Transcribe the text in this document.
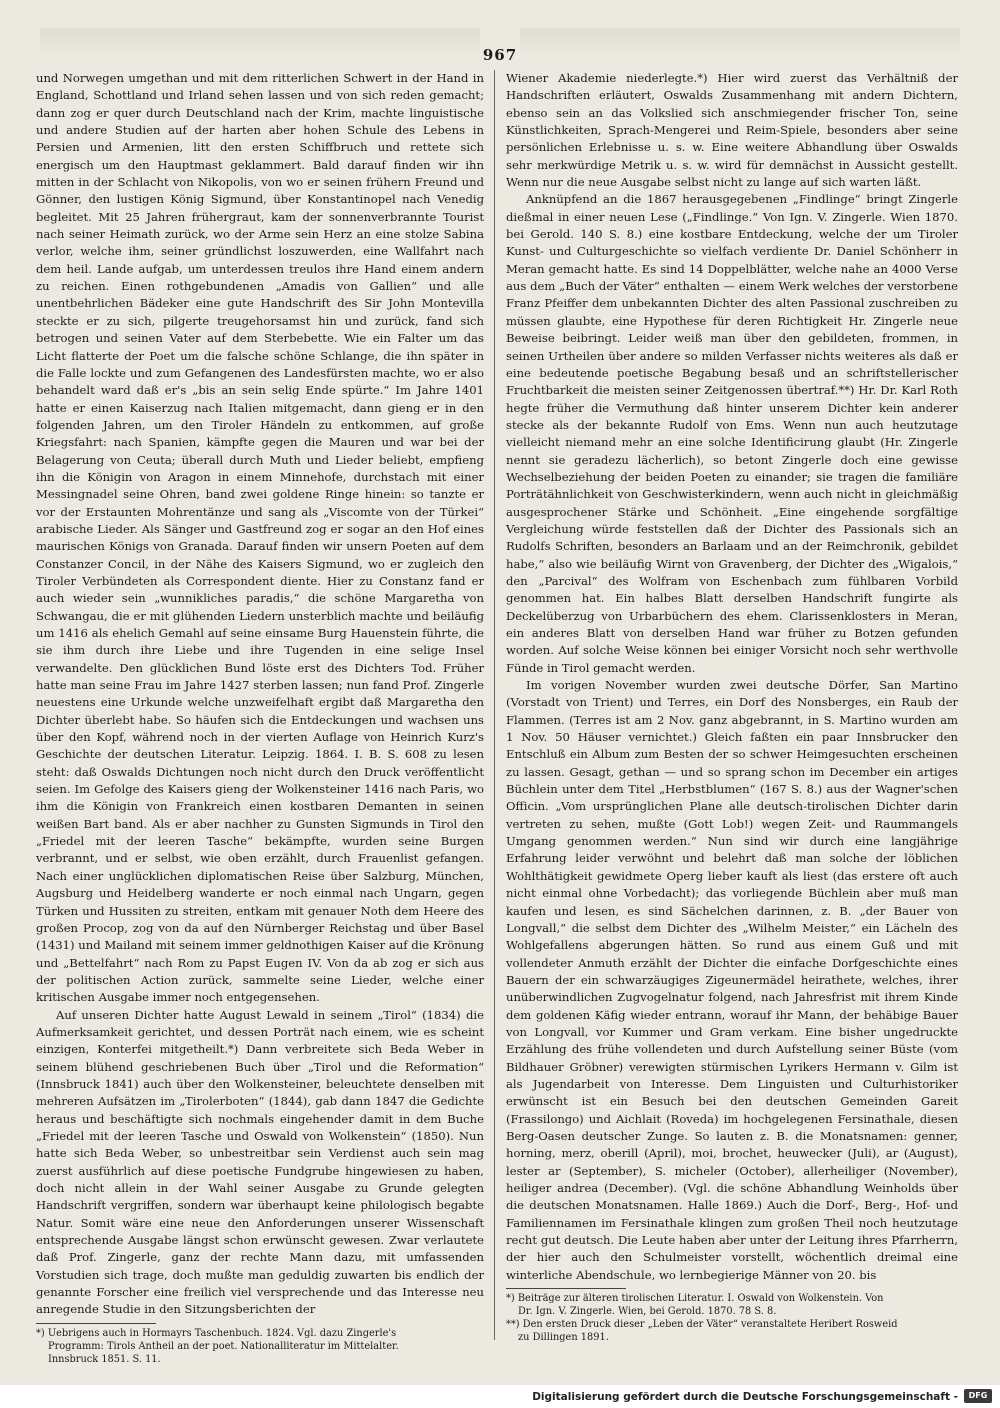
967

und Norwegen umgethan und mit dem ritterlichen Schwert in der Hand in England, Schottland und Irland sehen lassen und von sich reden gemacht; dann zog er quer durch Deutschland nach der Krim, machte linguistische und andere Studien auf der harten aber hohen Schule des Lebens in Persien und Armenien, litt den ersten Schiffbruch und rettete sich energisch um den Hauptmast geklammert. Bald darauf finden wir ihn mitten in der Schlacht von Nikopolis, von wo er seinen frühern Freund und Gönner, den lustigen König Sigmund, über Konstantinopel nach Venedig begleitet. Mit 25 Jahren frühergraut, kam der sonnenverbrannte Tourist nach seiner Heimath zurück, wo der Arme sein Herz an eine stolze Sabina verlor, welche ihm, seiner gründlichst loszuwerden, eine Wallfahrt nach dem heil. Lande aufgab, um unterdessen treulos ihre Hand einem andern zu reichen. Einen rothgebundenen „Amadis von Gallien“ und alle unentbehrlichen Bädeker eine gute Handschrift des Sir John Montevilla steckte er zu sich, pilgerte treugehorsamst hin und zurück, fand sich betrogen und seinen Vater auf dem Sterbebette. Wie ein Falter um das Licht flatterte der Poet um die falsche schöne Schlange, die ihn später in die Falle lockte und zum Gefangenen des Landesfürsten machte, wo er also behandelt ward daß er's „bis an sein selig Ende spürte.“ Im Jahre 1401 hatte er einen Kaiserzug nach Italien mitgemacht, dann gieng er in den folgenden Jahren, um den Tiroler Händeln zu entkommen, auf große Kriegsfahrt: nach Spanien, kämpfte gegen die Mauren und war bei der Belagerung von Ceuta; überall durch Muth und Lieder beliebt, empfieng ihn die Königin von Aragon in einem Minnehofe, durchstach mit einer Messingnadel seine Ohren, band zwei goldene Ringe hinein: so tanzte er vor der Erstaunten Mohrentänze und sang als „Viscomte von der Türkei“ arabische Lieder. Als Sänger und Gastfreund zog er sogar an den Hof eines maurischen Königs von Granada. Darauf finden wir unsern Poeten auf dem Constanzer Concil, in der Nähe des Kaisers Sigmund, wo er zugleich den Tiroler Verbündeten als Correspondent diente. Hier zu Constanz fand er auch wieder sein „wunnikliches paradis,“ die schöne Margaretha von Schwangau, die er mit glühenden Liedern unsterblich machte und beiläufig um 1416 als ehelich Gemahl auf seine einsame Burg Hauenstein führte, die sie ihm durch ihre Liebe und ihre Tugenden in eine selige Insel verwandelte. Den glücklichen Bund löste erst des Dichters Tod. Früher hatte man seine Frau im Jahre 1427 sterben lassen; nun fand Prof. Zingerle neuestens eine Urkunde welche unzweifelhaft ergibt daß Margaretha den Dichter überlebt habe. So häufen sich die Entdeckungen und wachsen uns über den Kopf, während noch in der vierten Auflage von Heinrich Kurz's Geschichte der deutschen Literatur. Leipzig. 1864. I. B. S. 608 zu lesen steht: daß Oswalds Dichtungen noch nicht durch den Druck veröffentlicht seien. Im Gefolge des Kaisers gieng der Wolkensteiner 1416 nach Paris, wo ihm die Königin von Frankreich einen kostbaren Demanten in seinen weißen Bart band. Als er aber nachher zu Gunsten Sigmunds in Tirol den „Friedel mit der leeren Tasche“ bekämpfte, wurden seine Burgen verbrannt, und er selbst, wie oben erzählt, durch Frauenlist gefangen. Nach einer unglücklichen diplomatischen Reise über Salzburg, München, Augsburg und Heidelberg wanderte er noch einmal nach Ungarn, gegen Türken und Hussiten zu streiten, entkam mit genauer Noth dem Heere des großen Procop, zog von da auf den Nürnberger Reichstag und über Basel (1431) und Mailand mit seinem immer geldnothigen Kaiser auf die Krönung und „Bettelfahrt“ nach Rom zu Papst Eugen IV. Von da ab zog er sich aus der politischen Action zurück, sammelte seine Lieder, welche einer kritischen Ausgabe immer noch entgegensehen.

Auf unseren Dichter hatte August Lewald in seinem „Tirol“ (1834) die Aufmerksamkeit gerichtet, und dessen Porträt nach einem, wie es scheint einzigen, Konterfei mitgetheilt.*) Dann verbreitete sich Beda Weber in seinem blühend geschriebenen Buch über „Tirol und die Reformation“ (Innsbruck 1841) auch über den Wolkensteiner, beleuchtete denselben mit mehreren Aufsätzen im „Tirolerboten“ (1844), gab dann 1847 die Gedichte heraus und beschäftigte sich nochmals eingehender damit in dem Buche „Friedel mit der leeren Tasche und Oswald von Wolkenstein“ (1850). Nun hatte sich Beda Weber, so unbestreitbar sein Verdienst auch sein mag zuerst ausführlich auf diese poetische Fundgrube hingewiesen zu haben, doch nicht allein in der Wahl seiner Ausgabe zu Grunde gelegten Handschrift vergriffen, sondern war überhaupt keine philologisch begabte Natur. Somit wäre eine neue den Anforderungen unserer Wissenschaft entsprechende Ausgabe längst schon erwünscht gewesen. Zwar verlautete daß Prof. Zingerle, ganz der rechte Mann dazu, mit umfassenden Vorstudien sich trage, doch mußte man geduldig zuwarten bis endlich der genannte Forscher eine freilich viel versprechende und das Interesse neu anregende Studie in den Sitzungsberichten der

*) Uebrigens auch in Hormayrs Taschenbuch. 1824. Vgl. dazu Zingerle's

Programm: Tirols Antheil an der poet. Nationalliteratur im Mittelalter.
Innsbruck 1851. S. 11.

Wiener Akademie niederlegte.*) Hier wird zuerst das Verhältniß der Handschriften erläutert, Oswalds Zusammenhang mit andern Dichtern, ebenso sein an das Volkslied sich anschmiegender frischer Ton, seine Künstlichkeiten, Sprach-Mengerei und Reim-Spiele, besonders aber seine persönlichen Erlebnisse u. s. w. Eine weitere Abhandlung über Oswalds sehr merkwürdige Metrik u. s. w. wird für demnächst in Aussicht gestellt. Wenn nur die neue Ausgabe selbst nicht zu lange auf sich warten läßt.

Anknüpfend an die 1867 herausgegebenen „Findlinge“ bringt Zingerle dießmal in einer neuen Lese („Findlinge.“ Von Ign. V. Zingerle. Wien 1870. bei Gerold. 140 S. 8.) eine kostbare Entdeckung, welche der um Tiroler Kunst- und Culturgeschichte so vielfach verdiente Dr. Daniel Schönherr in Meran gemacht hatte. Es sind 14 Doppelblätter, welche nahe an 4000 Verse aus dem „Buch der Väter“ enthalten — einem Werk welches der verstorbene Franz Pfeiffer dem unbekannten Dichter des alten Passional zuschreiben zu müssen glaubte, eine Hypothese für deren Richtigkeit Hr. Zingerle neue Beweise beibringt. Leider weiß man über den gebildeten, frommen, in seinen Urtheilen über andere so milden Verfasser nichts weiteres als daß er eine bedeutende poetische Begabung besaß und an schriftstellerischer Fruchtbarkeit die meisten seiner Zeitgenossen übertraf.**) Hr. Dr. Karl Roth hegte früher die Vermuthung daß hinter unserem Dichter kein anderer stecke als der bekannte Rudolf von Ems. Wenn nun auch heutzutage vielleicht niemand mehr an eine solche Identificirung glaubt (Hr. Zingerle nennt sie geradezu lächerlich), so betont Zingerle doch eine gewisse Wechselbeziehung der beiden Poeten zu einander; sie tragen die familiäre Porträtähnlichkeit von Geschwisterkindern, wenn auch nicht in gleichmäßig ausgesprochener Stärke und Schönheit. „Eine eingehende sorgfältige Vergleichung würde feststellen daß der Dichter des Passionals sich an Rudolfs Schriften, besonders an Barlaam und an der Reimchronik, gebildet habe,“ also wie beiläufig Wirnt von Gravenberg, der Dichter des „Wigalois,“ den „Parcival“ des Wolfram von Eschenbach zum fühlbaren Vorbild genommen hat. Ein halbes Blatt derselben Handschrift fungirte als Deckelüberzug von Urbarbüchern des ehem. Clarissenklosters in Meran, ein anderes Blatt von derselben Hand war früher zu Botzen gefunden worden. Auf solche Weise können bei einiger Vorsicht noch sehr werthvolle Fünde in Tirol gemacht werden.

Im vorigen November wurden zwei deutsche Dörfer, San Martino (Vorstadt von Trient) und Terres, ein Dorf des Nonsberges, ein Raub der Flammen. (Terres ist am 2 Nov. ganz abgebrannt, in S. Martino wurden am 1 Nov. 50 Häuser vernichtet.) Gleich faßten ein paar Innsbrucker den Entschluß ein Album zum Besten der so schwer Heimgesuchten erscheinen zu lassen. Gesagt, gethan — und so sprang schon im December ein artiges Büchlein unter dem Titel „Herbstblumen“ (167 S. 8.) aus der Wagner'schen Officin. „Vom ursprünglichen Plane alle deutsch-tirolischen Dichter darin vertreten zu sehen, mußte (Gott Lob!) wegen Zeit- und Raummangels Umgang genommen werden.“ Nun sind wir durch eine langjährige Erfahrung leider verwöhnt und belehrt daß man solche der löblichen Wohlthätigkeit gewidmete Operg lieber kauft als liest (das erstere oft auch nicht einmal ohne Vorbedacht); das vorliegende Büchlein aber muß man kaufen und lesen, es sind Sächelchen darinnen, z. B. „der Bauer von Longvall,“ die selbst dem Dichter des „Wilhelm Meister,“ ein Lächeln des Wohlgefallens abgerungen hätten. So rund aus einem Guß und mit vollendeter Anmuth erzählt der Dichter die einfache Dorfgeschichte eines Bauern der ein schwarzäugiges Zigeunermädel heirathete, welches, ihrer unüberwindlichen Zugvogelnatur folgend, nach Jahresfrist mit ihrem Kinde dem goldenen Käfig wieder entrann, worauf ihr Mann, der behäbige Bauer von Longvall, vor Kummer und Gram verkam. Eine bisher ungedruckte Erzählung des frühe vollendeten und durch Aufstellung seiner Büste (vom Bildhauer Gröbner) verewigten stürmischen Lyrikers Hermann v. Gilm ist als Jugendarbeit von Interesse. Dem Linguisten und Culturhistoriker erwünscht ist ein Besuch bei den deutschen Gemeinden Gareit (Frassilongo) und Aichlait (Roveda) im hochgelegenen Fersinathale, diesen Berg-Oasen deutscher Zunge. So lauten z. B. die Monatsnamen: genner, horning, merz, oberill (April), moi, brochet, heuwecker (Juli), ar (August), lester ar (September), S. micheler (October), allerheiliger (November), heiliger andrea (December). (Vgl. die schöne Abhandlung Weinholds über die deutschen Monatsnamen. Halle 1869.) Auch die Dorf-, Berg-, Hof- und Familiennamen im Fersinathale klingen zum großen Theil noch heutzutage recht gut deutsch. Die Leute haben aber unter der Leitung ihres Pfarrherrn, der hier auch den Schulmeister vorstellt, wöchentlich dreimal eine winterliche Abendschule, wo lernbegierige Männer von 20. bis

*) Beiträge zur älteren tirolischen Literatur. I. Oswald von Wolkenstein. Von

Dr. Ign. V. Zingerle. Wien, bei Gerold. 1870. 78 S. 8.
**) Den ersten Druck dieser „Leben der Väter“ veranstaltete Heribert Rosweid

zu Dillingen 1891.

Digitalisierung gefördert durch die Deutsche Forschungsgemeinschaft -	DFG
